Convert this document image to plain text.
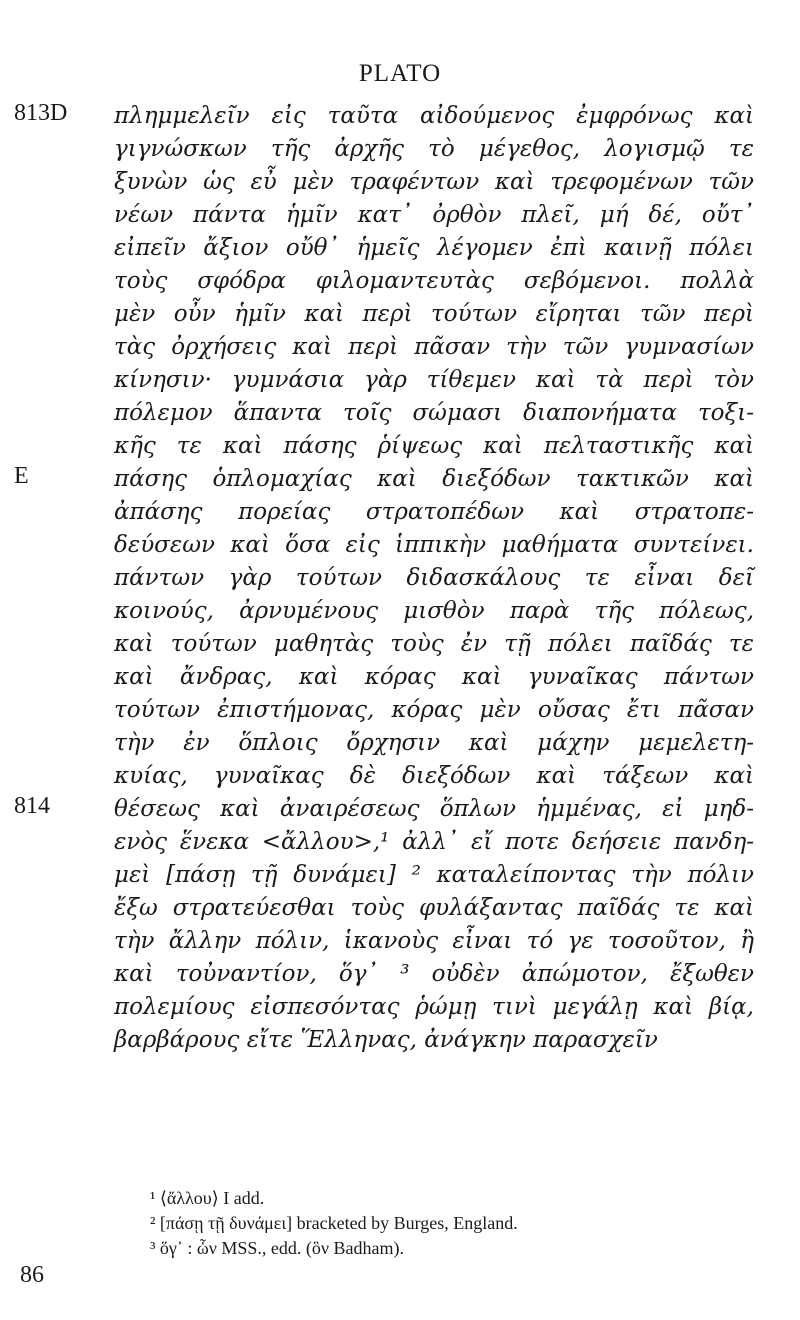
PLATO
813D
E
814
πλημμελεῖν εἰς ταῦτα αἰδούμενος ἐμφρόνως καὶ
γιγνώσκων τῆς ἀρχῆς τὸ μέγεθος, λογισμῷ τε
ξυνὼν ὡς εὖ μὲν τραφέντων καὶ τρεφομένων τῶν
νέων πάντα ἡμῖν κατ᾽ ὀρθὸν πλεῖ, μή δέ, οὔτ᾽
εἰπεῖν ἄξιον οὔθ᾽ ἡμεῖς λέγομεν ἐπὶ καινῇ πόλει
τοὺς σφόδρα φιλομαντευτὰς σεβόμενοι. πολλὰ
μὲν οὖν ἡμῖν καὶ περὶ τούτων εἴρηται τῶν περὶ
τὰς ὀρχήσεις καὶ περὶ πᾶσαν τὴν τῶν γυμνασίων
κίνησιν· γυμνάσια γὰρ τίθεμεν καὶ τὰ περὶ τὸν
πόλεμον ἅπαντα τοῖς σώμασι διαπονήματα τοξι-
κῆς τε καὶ πάσης ῥίψεως καὶ πελταστικῆς καὶ
πάσης ὁπλομαχίας καὶ διεξόδων τακτικῶν καὶ
ἀπάσης πορείας στρατοπέδων καὶ στρατοπε-
δεύσεων καὶ ὅσα εἰς ἱππικὴν μαθήματα συντείνει.
πάντων γὰρ τούτων διδασκάλους τε εἶναι δεῖ
κοινούς, ἀρνυμένους μισθὸν παρὰ τῆς πόλεως,
καὶ τούτων μαθητὰς τοὺς ἐν τῇ πόλει παῖδάς τε
καὶ ἄνδρας, καὶ κόρας καὶ γυναῖκας πάντων
τούτων ἐπιστήμονας, κόρας μὲν οὔσας ἔτι πᾶσαν
τὴν ἐν ὅπλοις ὄρχησιν καὶ μάχην μεμελετη-
κυίας, γυναῖκας δὲ διεξόδων καὶ τάξεων καὶ
θέσεως καὶ ἀναιρέσεως ὅπλων ἡμμένας, εἰ μηδ-
ενὸς ἕνεκα <ἄλλου>,¹ ἀλλ᾽ εἴ ποτε δεήσειε πανδη-
μεὶ [πάσῃ τῇ δυνάμει] ² καταλείποντας τὴν πόλιν
ἔξω στρατεύεσθαι τοὺς φυλάξαντας παῖδάς τε καὶ
τὴν ἄλλην πόλιν, ἱκανοὺς εἶναι τό γε τοσοῦτον, ἢ
καὶ τοὐναντίον, ὅγ᾽ ³ οὐδὲν ἀπώμοτον, ἔξωθεν
πολεμίους εἰσπεσόντας ῥώμῃ τινὶ μεγάλῃ καὶ βίᾳ,
βαρβάρους εἴτε Ἕλληνας, ἀνάγκην παρασχεῖν
¹ ⟨ἄλλου⟩ I add.
² [πάσῃ τῇ δυνάμει] bracketed by Burges, England.
³ ὅγ᾽ : ὧν MSS., edd. (ὃν Badham).
86
